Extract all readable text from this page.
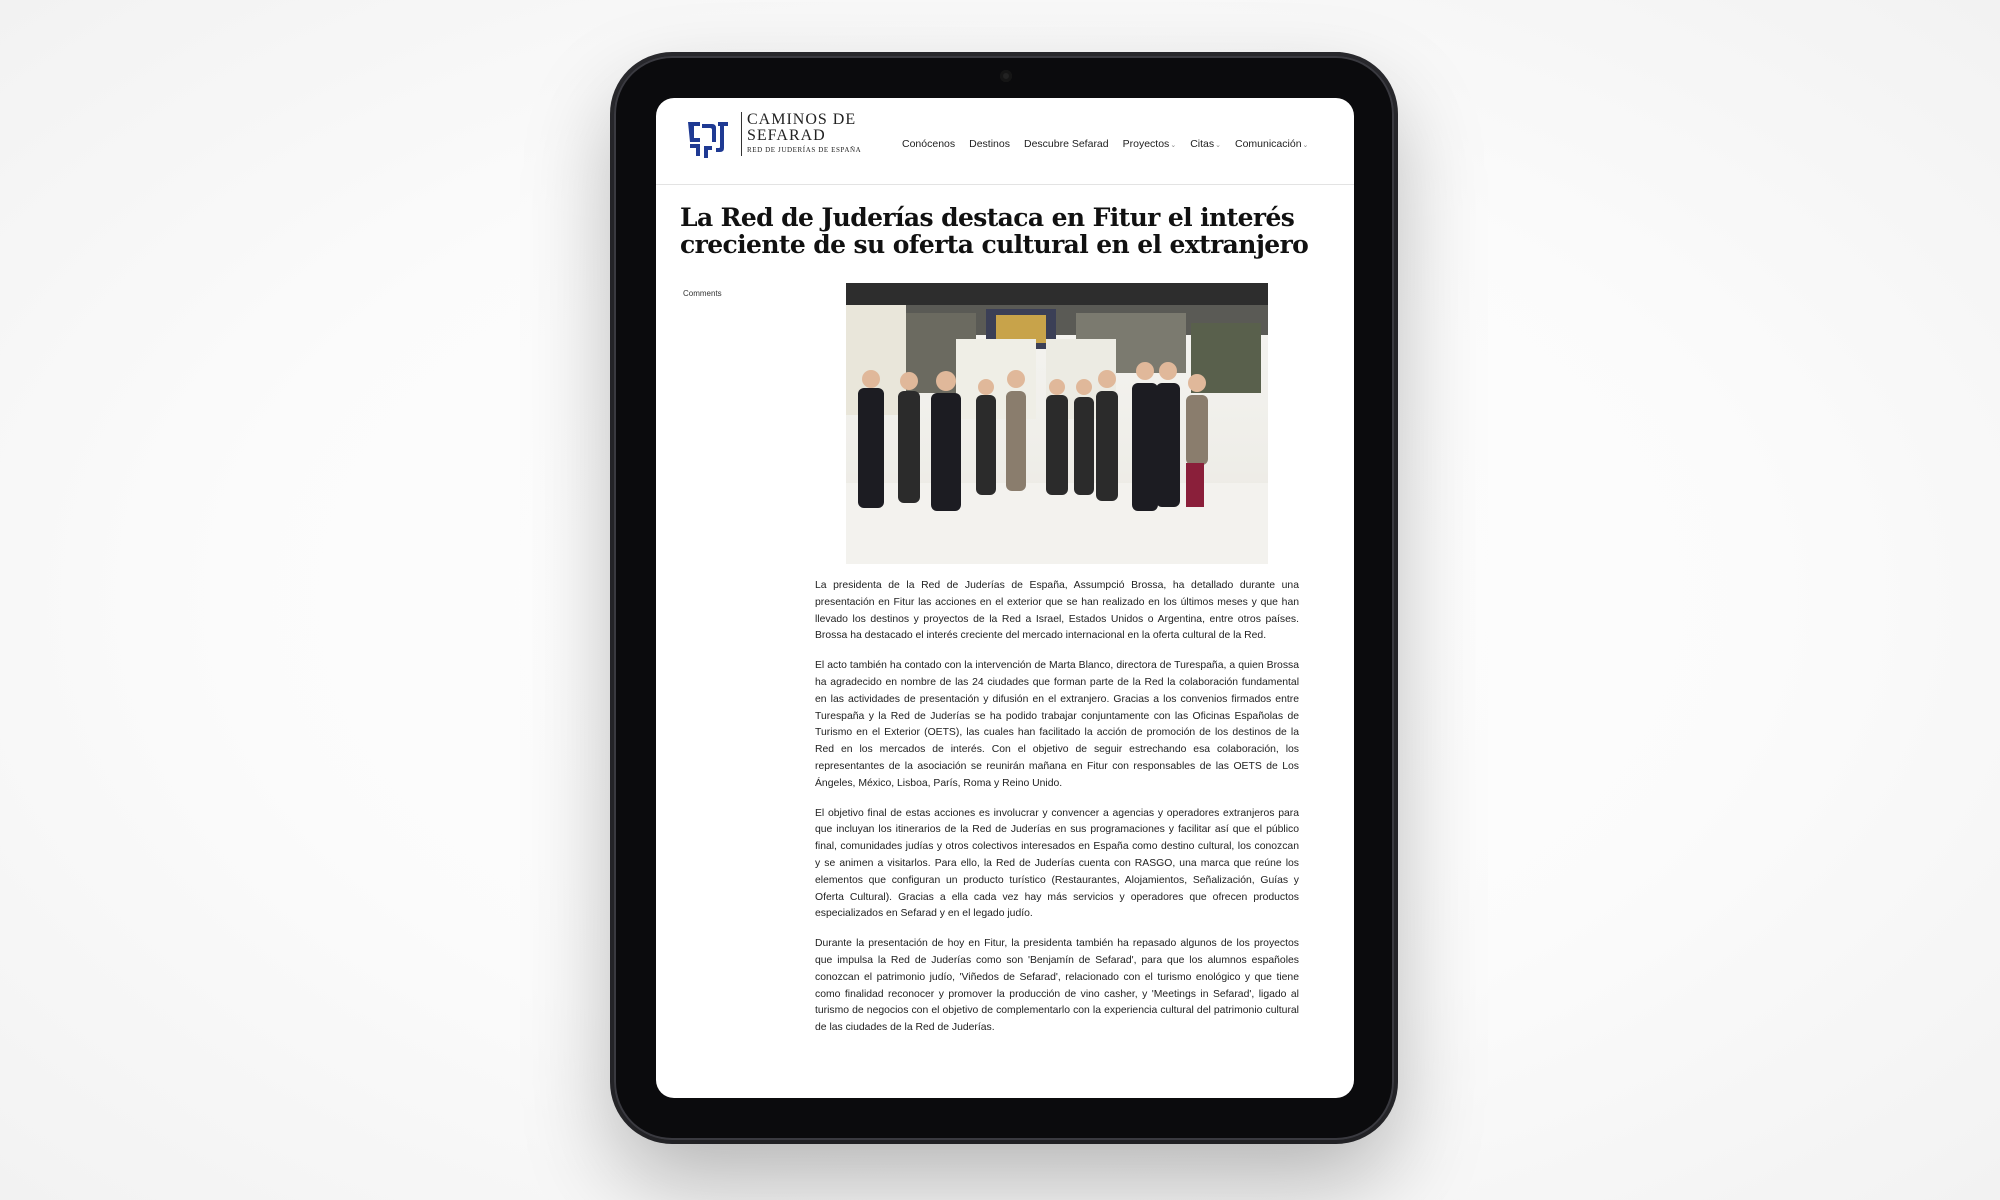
CAMINOS DE
SEFARAD
RED DE JUDERÍAS DE ESPAÑA	Conócenos Destinos Descubre Sefarad Proyectos⌄ Citas⌄ Comunicación⌄
La Red de Juderías destaca en Fitur el interés creciente de su oferta cultural en el extranjero
Comments

La presidenta de la Red de Juderías de España, Assumpció Brossa, ha detallado durante una presentación en Fitur las acciones en el exterior que se han realizado en los últimos meses y que han llevado los destinos y proyectos de la Red a Israel, Estados Unidos o Argentina, entre otros países. Brossa ha destacado el interés creciente del mercado internacional en la oferta cultural de la Red.

El acto también ha contado con la intervención de Marta Blanco, directora de Turespaña, a quien Brossa ha agradecido en nombre de las 24 ciudades que forman parte de la Red la colaboración fundamental en las actividades de presentación y difusión en el extranjero. Gracias a los convenios firmados entre Turespaña y la Red de Juderías se ha podido trabajar conjuntamente con las Oficinas Españolas de Turismo en el Exterior (OETS), las cuales han facilitado la acción de promoción de los destinos de la Red en los mercados de interés. Con el objetivo de seguir estrechando esa colaboración, los representantes de la asociación se reunirán mañana en Fitur con responsables de las OETS de Los Ángeles, México, Lisboa, París, Roma y Reino Unido.

El objetivo final de estas acciones es involucrar y convencer a agencias y operadores extranjeros para que incluyan los itinerarios de la Red de Juderías en sus programaciones y facilitar así que el público final, comunidades judías y otros colectivos interesados en España como destino cultural, los conozcan y se animen a visitarlos. Para ello, la Red de Juderías cuenta con RASGO, una marca que reúne los elementos que configuran un producto turístico (Restaurantes, Alojamientos, Señalización, Guías y Oferta Cultural). Gracias a ella cada vez hay más servicios y operadores que ofrecen productos especializados en Sefarad y en el legado judío.

Durante la presentación de hoy en Fitur, la presidenta también ha repasado algunos de los proyectos que impulsa la Red de Juderías como son 'Benjamín de Sefarad', para que los alumnos españoles conozcan el patrimonio judío, 'Viñedos de Sefarad', relacionado con el turismo enológico y que tiene como finalidad reconocer y promover la producción de vino casher, y 'Meetings in Sefarad', ligado al turismo de negocios con el objetivo de complementarlo con la experiencia cultural del patrimonio cultural de las ciudades de la Red de Juderías.
